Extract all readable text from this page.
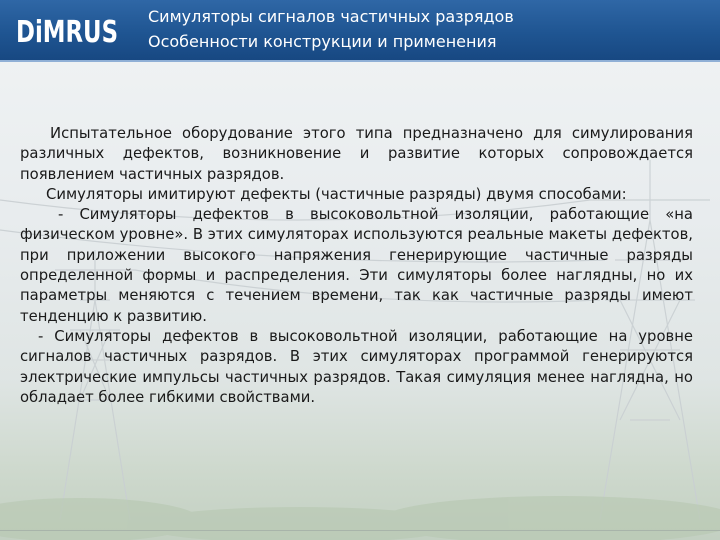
DiMRUS Симуляторы сигналов частичных разрядов
Особенности конструкции и применения

Испытательное оборудование этого типа предназначено для симулирования различных дефектов, возникновение и развитие которых сопровождается появлением частичных разрядов.

Симуляторы имитируют дефекты (частичные разряды) двумя способами:

- Симуляторы дефектов в высоковольтной изоляции, работающие «на физическом уровне». В этих симуляторах используются реальные макеты дефектов, при приложении высокого напряжения генерирующие частичные разряды определенной формы и распределения. Эти симуляторы более наглядны, но их параметры меняются с течением времени, так как частичные разряды имеют тенденцию к развитию.

- Симуляторы дефектов в высоковольтной изоляции, работающие на уровне сигналов частичных разрядов. В этих симуляторах программой генерируются электрические импульсы частичных разрядов. Такая симуляция менее наглядна, но обладает более гибкими свойствами.
